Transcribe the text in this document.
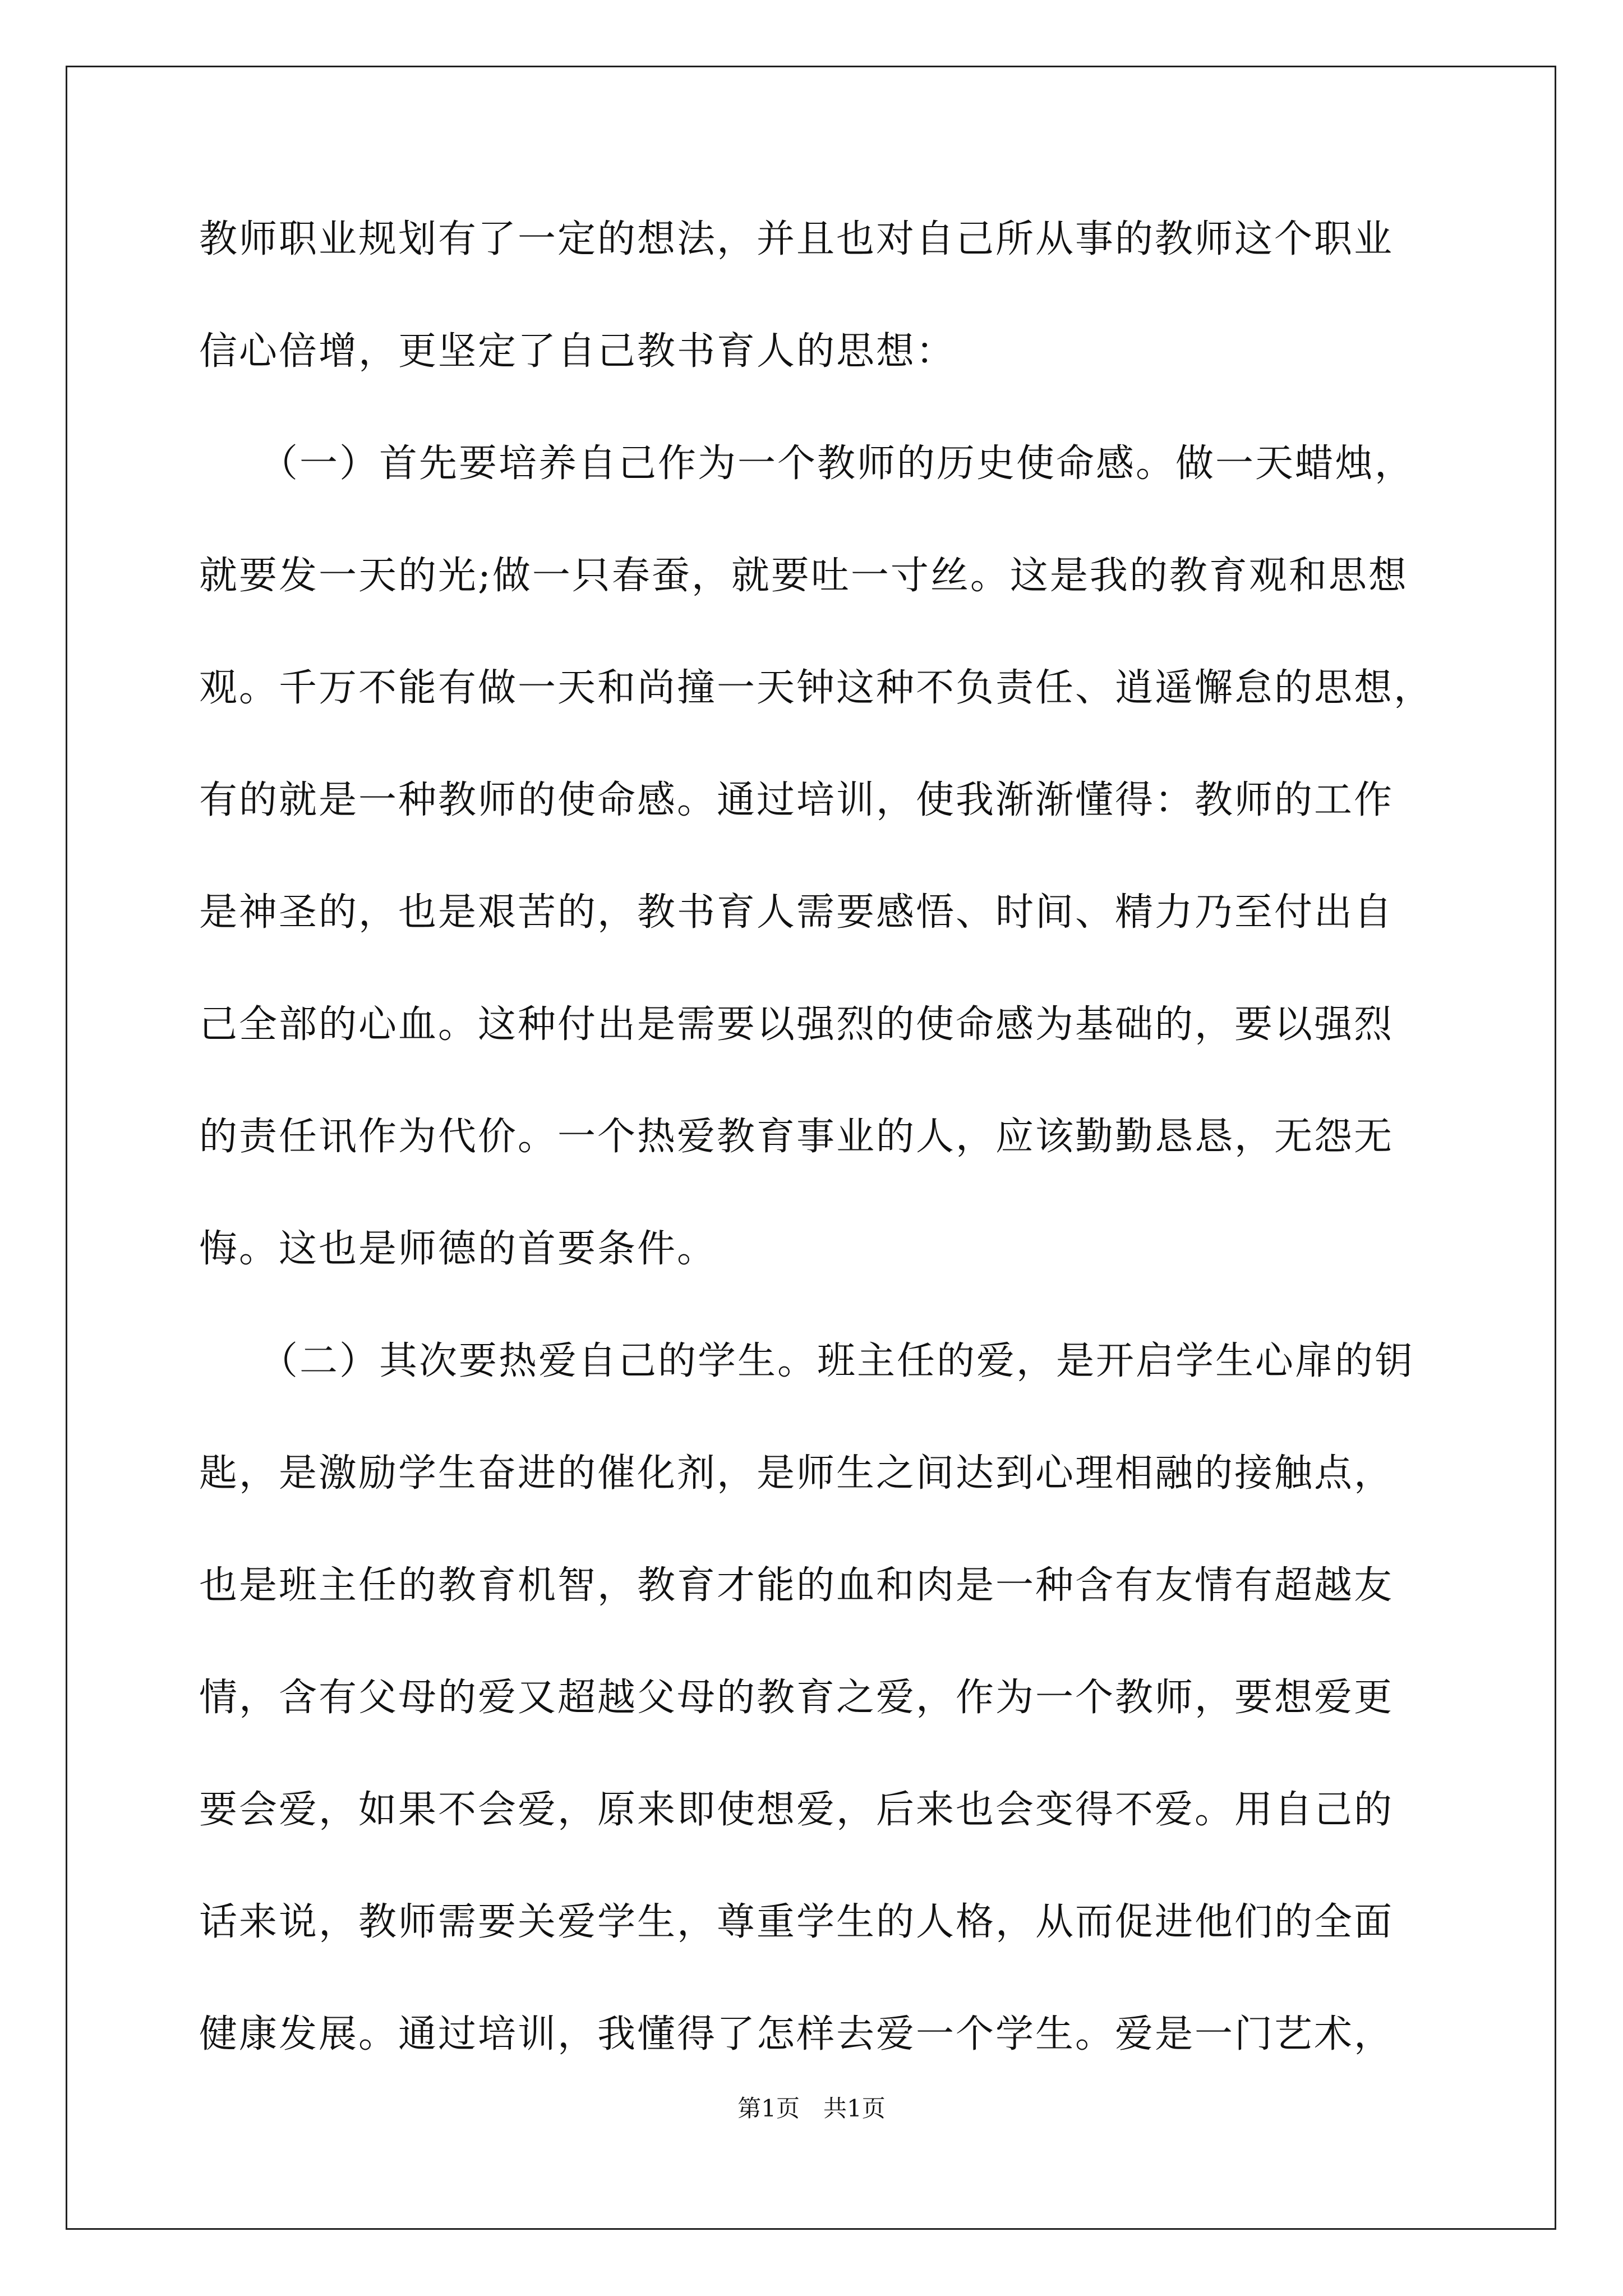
教师职业规划有了一定的想法，并且也对自己所从事的教师这个职业
信心倍增，更坚定了自己教书育人的思想：
　　（一）首先要培养自己作为一个教师的历史使命感。做一天蜡烛，
就要发一天的光;做一只春蚕，就要吐一寸丝。这是我的教育观和思想
观。千万不能有做一天和尚撞一天钟这种不负责任、逍遥懈怠的思想，
有的就是一种教师的使命感。通过培训，使我渐渐懂得：教师的工作
是神圣的，也是艰苦的，教书育人需要感悟、时间、精力乃至付出自
己全部的心血。这种付出是需要以强烈的使命感为基础的，要以强烈
的责任讯作为代价。一个热爱教育事业的人，应该勤勤恳恳，无怨无
悔。这也是师德的首要条件。
　　（二）其次要热爱自己的学生。班主任的爱，是开启学生心扉的钥
匙，是激励学生奋进的催化剂，是师生之间达到心理相融的接触点，
也是班主任的教育机智，教育才能的血和肉是一种含有友情有超越友
情，含有父母的爱又超越父母的教育之爱，作为一个教师，要想爱更
要会爱，如果不会爱，原来即使想爱，后来也会变得不爱。用自己的
话来说，教师需要关爱学生，尊重学生的人格，从而促进他们的全面
健康发展。通过培训，我懂得了怎样去爱一个学生。爱是一门艺术，
第1页　共1页
